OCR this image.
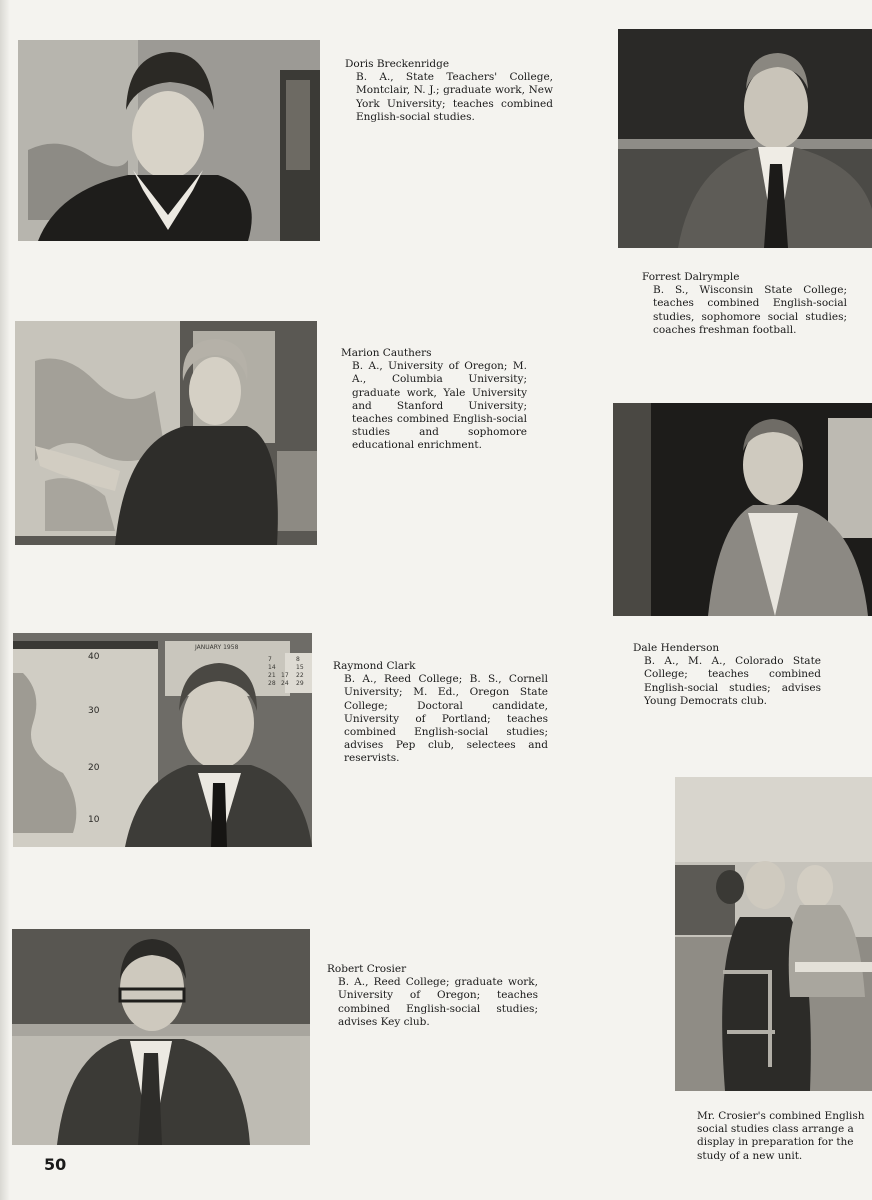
Doris Breckenridge
B. A., State Teachers' College, Montclair, N. J.; graduate work, New York University; teaches combined English-social studies.
Forrest Dalrymple
B. S., Wisconsin State College; teaches combined English-social studies, sophomore social studies; coaches freshman football.
Marion Cauthers
B. A., University of Oregon; M. A., Columbia University; graduate work, Yale University and Stanford University; teaches combined English-social studies and sophomore educational enrichment.
Dale Henderson
B. A., M. A., Colorado State College; teaches combined English-social studies; advises Young Democrats club.
40
30
20
10
JANUARY 1958
7
14
21
28
8
15
22
29
17
24
Raymond Clark
B. A., Reed College; B. S., Cornell University; M. Ed., Oregon State College; Doctoral candidate, University of Portland; teaches combined English-social studies; advises Pep club, selectees and reservists.
Robert Crosier
B. A., Reed College; graduate work, University of Oregon; teaches combined English-social studies; advises Key club.
Mr. Crosier's combined English
social studies class arrange a
display in preparation for the
study of a new unit.
50
